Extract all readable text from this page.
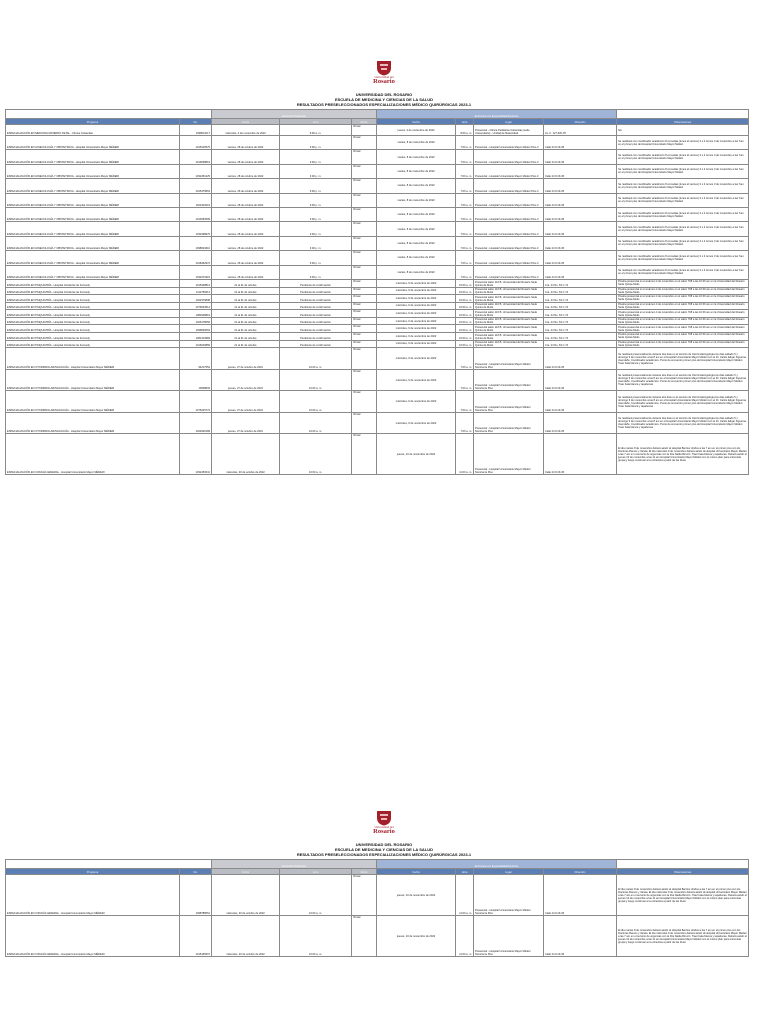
Universidad del
Rosario
UNIVERSIDAD DEL ROSARIO
ESCUELA DE MEDICINA Y CIENCIAS DE LA SALUD
RESULTADOS PRESELECCIONADOS ESPECIALIZACIONES MÉDICO QUIRÚRGICAS 2023-1
		Entrevista Preguntas			Entrevista con Especialidad/Aspirante				
Programa	No.	Fecha	Hora	Medio	Fecha	Hora	Lugar	Dirección	Observaciones
ESPECIALIZACIÓN EN MEDICINA MATERNO FETAL - Clínica Colsanitas	1098011017	miércoles, 2 de noviembre de 2022	9:00 a. m.	Virtual	jueves, 3 de noviembre de 2022	8:00 a. m.	Presencial - Clínica Pediátrica Colsanitas (sede Universitaria) - Unidad de Maternidad	Av. C. 127 #20-78	NA
ESPECIALIZACIÓN EN GINECOLOGÍA Y OBSTETRICIA - Hospital Universitario Mayor MÉDERI	1015416570	viernes, 28 de octubre de 2022	3:00 p. m.	Virtual	martes, 8 de noviembre de 2022	7:00 a. m.	Presencial - Hospital Universitario Mayor Méderi Piso 3	Calle 24 # 29-45	Se realizará con coordinador académico 8 consultas (lunes al viernes) 3 o 4 turnos 3 de noviembre a las 7am en el primer piso del Hospital Universitario Mayor Méderi
ESPECIALIZACIÓN EN GINECOLOGÍA Y OBSTETRICIA - Hospital Universitario Mayor MÉDERI	1019068819	viernes, 28 de octubre de 2022	3:00 p. m.	Virtual	martes, 8 de noviembre de 2022	7:00 a. m.	Presencial - Hospital Universitario Mayor Méderi Piso 3	Calle 24 # 29-45	Se realizará con coordinador académico 8 consultas (lunes al viernes) 3 o 4 turnos 3 de noviembre a las 7am en el primer piso del Hospital Universitario Mayor Méderi
ESPECIALIZACIÓN EN GINECOLOGÍA Y OBSTETRICIA - Hospital Universitario Mayor MÉDERI	1032451225	viernes, 28 de octubre de 2022	3:00 p. m.	Virtual	martes, 8 de noviembre de 2022	7:00 a. m.	Presencial - Hospital Universitario Mayor Méderi Piso 3	Calle 24 # 29-45	Se realizará con coordinador académico 8 consultas (lunes al viernes) 3 o 4 turnos 3 de noviembre a las 7am en el primer piso del Hospital Universitario Mayor Méderi
ESPECIALIZACIÓN EN GINECOLOGÍA Y OBSTETRICIA - Hospital Universitario Mayor MÉDERI	1015475863	viernes, 28 de octubre de 2022	3:00 p. m.	Virtual	martes, 8 de noviembre de 2022	7:00 a. m.	Presencial - Hospital Universitario Mayor Méderi Piso 3	Calle 24 # 29-45	Se realizará con coordinador académico 8 consultas (lunes al viernes) 3 o 4 turnos 3 de noviembre a las 7am en el primer piso del Hospital Universitario Mayor Méderi
ESPECIALIZACIÓN EN GINECOLOGÍA Y OBSTETRICIA - Hospital Universitario Mayor MÉDERI	1022403219	viernes, 28 de octubre de 2022	3:00 p. m.	Virtual	martes, 8 de noviembre de 2022	7:00 a. m.	Presencial - Hospital Universitario Mayor Méderi Piso 3	Calle 24 # 29-45	Se realizará con coordinador académico 8 consultas (lunes al viernes) 3 o 4 turnos 3 de noviembre a las 7am en el primer piso del Hospital Universitario Mayor Méderi
ESPECIALIZACIÓN EN GINECOLOGÍA Y OBSTETRICIA - Hospital Universitario Mayor MÉDERI	1013653599	viernes, 28 de octubre de 2022	3:00 p. m.	Virtual	martes, 8 de noviembre de 2022	7:00 a. m.	Presencial - Hospital Universitario Mayor Méderi Piso 3	Calle 24 # 29-45	Se realizará con coordinador académico 8 consultas (lunes al viernes) 3 o 4 turnos 3 de noviembre a las 7am en el primer piso del Hospital Universitario Mayor Méderi
ESPECIALIZACIÓN EN GINECOLOGÍA Y OBSTETRICIA - Hospital Universitario Mayor MÉDERI	1032398970	viernes, 28 de octubre de 2022	3:00 p. m.	Virtual	martes, 8 de noviembre de 2022	7:00 a. m.	Presencial - Hospital Universitario Mayor Méderi Piso 3	Calle 24 # 29-45	Se realizará con coordinador académico 8 consultas (lunes al viernes) 3 o 4 turnos 3 de noviembre a las 7am en el primer piso del Hospital Universitario Mayor Méderi
ESPECIALIZACIÓN EN GINECOLOGÍA Y OBSTETRICIA - Hospital Universitario Mayor MÉDERI	1098604610	viernes, 28 de octubre de 2022	3:00 p. m.	Virtual	martes, 8 de noviembre de 2022	7:00 a. m.	Presencial - Hospital Universitario Mayor Méderi Piso 3	Calle 24 # 29-45	Se realizará con coordinador académico 8 consultas (lunes al viernes) 3 o 4 turnos 3 de noviembre a las 7am en el primer piso del Hospital Universitario Mayor Méderi
ESPECIALIZACIÓN EN GINECOLOGÍA Y OBSTETRICIA - Hospital Universitario Mayor MÉDERI	1018462972	viernes, 28 de octubre de 2022	3:00 p. m.	Virtual	martes, 8 de noviembre de 2022	7:00 a. m.	Presencial - Hospital Universitario Mayor Méderi Piso 3	Calle 24 # 29-45	Se realizará con coordinador académico 8 consultas (lunes al viernes) 3 o 4 turnos 3 de noviembre a las 7am en el primer piso del Hospital Universitario Mayor Méderi
ESPECIALIZACIÓN EN GINECOLOGÍA Y OBSTETRICIA - Hospital Universitario Mayor MÉDERI	1032470415	viernes, 28 de octubre de 2022	3:00 p. m.	Virtual	martes, 8 de noviembre de 2022	7:00 a. m.	Presencial - Hospital Universitario Mayor Méderi Piso 3	Calle 24 # 29-45	Se realizará con coordinador académico 8 consultas (lunes al viernes) 3 o 4 turnos 3 de noviembre a las 7am en el primer piso del Hospital Universitario Mayor Méderi
ESPECIALIZACIÓN EN PSIQUIATRÍA - Hospital Occidente de Kennedy	1015408813	21 al 31 de octubre	Pendiente de confirmación	Virtual	miércoles, 9 de noviembre de 2022	10:00 a. m.	Presencial salón 110 B. Universidad del Rosario Sede Quinta de Mutis	Cra. 24 No. 63 C 74	Prueba presencial en el exámen 4 de noviembre en el salón 708 a las 10:00 am en la Universidad del Rosario Sede Quinta Mutis
ESPECIALIZACIÓN EN PSIQUIATRÍA - Hospital Occidente de Kennedy	1112766613	21 al 31 de octubre	Pendiente de confirmación	Virtual	miércoles, 9 de noviembre de 2022	10:00 a. m.	Presencial salón 110 B. Universidad del Rosario Sede Quinta de Mutis	Cra. 24 No. 63 C 74	Prueba presencial en el exámen 4 de noviembre en el salón 708 a las 10:00 am en la Universidad del Rosario Sede Quinta Mutis
ESPECIALIZACIÓN EN PSIQUIATRÍA - Hospital Occidente de Kennedy	1022379808	21 al 31 de octubre	Pendiente de confirmación	Virtual	miércoles, 9 de noviembre de 2022	10:00 a. m.	Presencial salón 110 B. Universidad del Rosario Sede Quinta de Mutis	Cra. 24 No. 63 C 74	Prueba presencial en el exámen 4 de noviembre en el salón 708 a las 10:00 am en la Universidad del Rosario Sede Quinta Mutis
ESPECIALIZACIÓN EN PSIQUIATRÍA - Hospital Occidente de Kennedy	1079024514	21 al 31 de octubre	Pendiente de confirmación	Virtual	miércoles, 9 de noviembre de 2022	10:00 a. m.	Presencial salón 110 B. Universidad del Rosario Sede Quinta de Mutis	Cra. 24 No. 63 C 74	Prueba presencial en el exámen 4 de noviembre en el salón 708 a las 10:00 am en la Universidad del Rosario Sede Quinta Mutis
ESPECIALIZACIÓN EN PSIQUIATRÍA - Hospital Occidente de Kennedy	1082928819	21 al 31 de octubre	Pendiente de confirmación	Virtual	miércoles, 9 de noviembre de 2022	10:00 a. m.	Presencial salón 110 B. Universidad del Rosario Sede Quinta de Mutis	Cra. 24 No. 63 C 74	Prueba presencial en el exámen 4 de noviembre en el salón 708 a las 10:00 am en la Universidad del Rosario Sede Quinta Mutis
ESPECIALIZACIÓN EN PSIQUIATRÍA - Hospital Occidente de Kennedy	1026178650	21 al 31 de octubre	Pendiente de confirmación	Virtual	miércoles, 9 de noviembre de 2022	10:00 a. m.	Presencial salón 110 B. Universidad del Rosario Sede Quinta de Mutis	Cra. 24 No. 63 C 74	Prueba presencial en el exámen 4 de noviembre en el salón 708 a las 10:00 am en la Universidad del Rosario Sede Quinta Mutis
ESPECIALIZACIÓN EN PSIQUIATRÍA - Hospital Occidente de Kennedy	1096849053	21 al 31 de octubre	Pendiente de confirmación	Virtual	miércoles, 9 de noviembre de 2022	10:00 a. m.	Presencial salón 110 B. Universidad del Rosario Sede Quinta de Mutis	Cra. 24 No. 63 C 74	Prueba presencial en el exámen 4 de noviembre en el salón 708 a las 10:00 am en la Universidad del Rosario Sede Quinta Mutis
ESPECIALIZACIÓN EN PSIQUIATRÍA - Hospital Occidente de Kennedy	1081313983	21 al 31 de octubre	Pendiente de confirmación	Virtual	miércoles, 9 de noviembre de 2022	10:00 a. m.	Presencial salón 110 B. Universidad del Rosario Sede Quinta de Mutis	Cra. 24 No. 63 C 74	Prueba presencial en el exámen 4 de noviembre en el salón 708 a las 10:00 am en la Universidad del Rosario Sede Quinta Mutis
ESPECIALIZACIÓN EN PSIQUIATRÍA - Hospital Occidente de Kennedy	1016049859	21 al 31 de octubre	Pendiente de confirmación	Virtual	miércoles, 9 de noviembre de 2022	10:00 a. m.	Presencial salón 110 B. Universidad del Rosario Sede Quinta de Mutis	Cra. 24 No. 63 C 74	Prueba presencial en el exámen 4 de noviembre en el salón 708 a las 10:00 am en la Universidad del Rosario Sede Quinta Mutis
ESPECIALIZACIÓN EN OTORRINOLARINGOLOGÍA - Hospital Universitario Mayor MÉDERI	94217554	jueves, 27 de octubre de 2022	10:00 a. m.	Virtual	miércoles, 9 de noviembre de 2022	7:00 a. m.	Presencial - Hospital Universitario Mayor Méderi Nororiente Piso	Calle 24 # 29-45	Se realizará presencialmente durante dos días en el servicio de Otorrinolaringología los días sábado 5 y domingo 6 de noviembre a las 8 am en el Hospital Universitario Mayor Méderi con el Dr. Carlos Edgar Figueroa Avendaño, Coordinador académico. Punto de encuentro primer piso del Hospital Universitario Mayor Méderi. Traer bata blanca y tapabocas
ESPECIALIZACIÓN EN OTORRINOLARINGOLOGÍA - Hospital Universitario Mayor MÉDERI	13838833	jueves, 27 de octubre de 2022	10:00 a. m.	Virtual	miércoles, 9 de noviembre de 2022	7:00 a. m.	Presencial - Hospital Universitario Mayor Méderi Nororiente Piso	Calle 24 # 29-45	Se realizará presencialmente durante dos días en el servicio de Otorrinolaringología los días sábado 5 y domingo 6 de noviembre a las 8 am en el Hospital Universitario Mayor Méderi con el Dr. Carlos Edgar Figueroa Avendaño, Coordinador académico. Punto de encuentro primer piso del Hospital Universitario Mayor Méderi. Traer bata blanca y tapabocas
ESPECIALIZACIÓN EN OTORRINOLARINGOLOGÍA - Hospital Universitario Mayor MÉDERI	1075245772	jueves, 27 de octubre de 2022	10:00 a. m.	Virtual	miércoles, 9 de noviembre de 2022	7:00 a. m.	Presencial - Hospital Universitario Mayor Méderi Nororiente Piso	Calle 24 # 29-45	Se realizará presencialmente durante dos días en el servicio de Otorrinolaringología los días sábado 5 y domingo 6 de noviembre a las 8 am en el Hospital Universitario Mayor Méderi con el Dr. Carlos Edgar Figueroa Avendaño, Coordinador académico. Punto de encuentro primer piso del Hospital Universitario Mayor Méderi. Traer bata blanca y tapabocas
ESPECIALIZACIÓN EN OTORRINOLARINGOLOGÍA - Hospital Universitario Mayor MÉDERI	1022926189	jueves, 27 de octubre de 2022	10:00 a. m.	Virtual	miércoles, 9 de noviembre de 2022	7:00 a. m.	Presencial - Hospital Universitario Mayor Méderi Nororiente Piso	Calle 24 # 29-45	Se realizará presencialmente durante dos días en el servicio de Otorrinolaringología los días sábado 5 y domingo 6 de noviembre a las 8 am en el Hospital Universitario Mayor Méderi con el Dr. Carlos Edgar Figueroa Avendaño, Coordinador académico. Punto de encuentro primer piso del Hospital Universitario Mayor Méderi. Traer bata blanca y tapabocas
ESPECIALIZACIÓN EN CIRUGÍA GENERAL - Hospital Universitario Mayor MÉDERI	1032453641	miércoles, 26 de octubre de 2022	10:00 a. m.	Virtual	jueves, 10 de noviembre de 2022	11:00 a. m.	Presencial - Hospital Universitario Mayor Méderi Nororiente Piso	Calle 24 # 29-45	El día martes 8 de noviembre deberá asistir al Hospital Barrios Unidos a las 7 am en el primer piso con los Doctores Ramos y Varela. El día miércoles 9 de noviembre deberá asistir al Hospital Universitario Mayor Méderi a las 7 am en el servicio de urgencias con la Dra Nadia Rincón. Traer bata blanca y tapabocas. Deberá asistir el jueves 10 de noviembre a las 11 am Hospital Universitario Mayor Méderi con el mismo plan para entrevista grupal y luego continuar a la entrevista a partir de las 11am
Universidad del
Rosario
UNIVERSIDAD DEL ROSARIO
ESCUELA DE MEDICINA Y CIENCIAS DE LA SALUD
RESULTADOS PRESELECCIONADOS ESPECIALIZACIONES MÉDICO QUIRÚRGICAS 2023-1
		Entrevista Preguntas			Entrevista con Especialidad/Aspirante				
Programa	No.	Fecha	Hora	Medio	Fecha	Hora	Lugar	Dirección	Observaciones
ESPECIALIZACIÓN EN CIRUGÍA GENERAL - Hospital Universitario Mayor MÉDERI	1098788651	miércoles, 26 de octubre de 2022	10:00 a. m.	Virtual	jueves, 10 de noviembre de 2022	11:00 a. m.	Presencial - Hospital Universitario Mayor Méderi Nororiente Piso	Calle 24 # 29-45	El día martes 8 de noviembre deberá asistir al Hospital Barrios Unidos a las 7 am en el primer piso con los Doctores Ramos y Varela. El día miércoles 9 de noviembre deberá asistir al Hospital Universitario Mayor Méderi a las 7 am en el servicio de urgencias con la Dra Nadia Rincón. Traer bata blanca y tapabocas. Deberá asistir el jueves 10 de noviembre a las 11 am Hospital Universitario Mayor Méderi con el mismo plan para entrevista grupal y luego continuar a la entrevista a partir de las 11am
ESPECIALIZACIÓN EN CIRUGÍA GENERAL - Hospital Universitario Mayor MÉDERI	1015166607	miércoles, 26 de octubre de 2022	10:00 a. m.	Virtual	jueves, 10 de noviembre de 2022	11:00 a. m.	Presencial - Hospital Universitario Mayor Méderi Nororiente Piso	Calle 24 # 29-45	El día martes 8 de noviembre deberá asistir al Hospital Barrios Unidos a las 7 am en el primer piso con los Doctores Ramos y Varela. El día miércoles 9 de noviembre deberá asistir al Hospital Universitario Mayor Méderi a las 7 am en el servicio de urgencias con la Dra Nadia Rincón. Traer bata blanca y tapabocas. Deberá asistir el jueves 10 de noviembre a las 11 am Hospital Universitario Mayor Méderi con el mismo plan para entrevista grupal y luego continuar a la entrevista a partir de las 11am
